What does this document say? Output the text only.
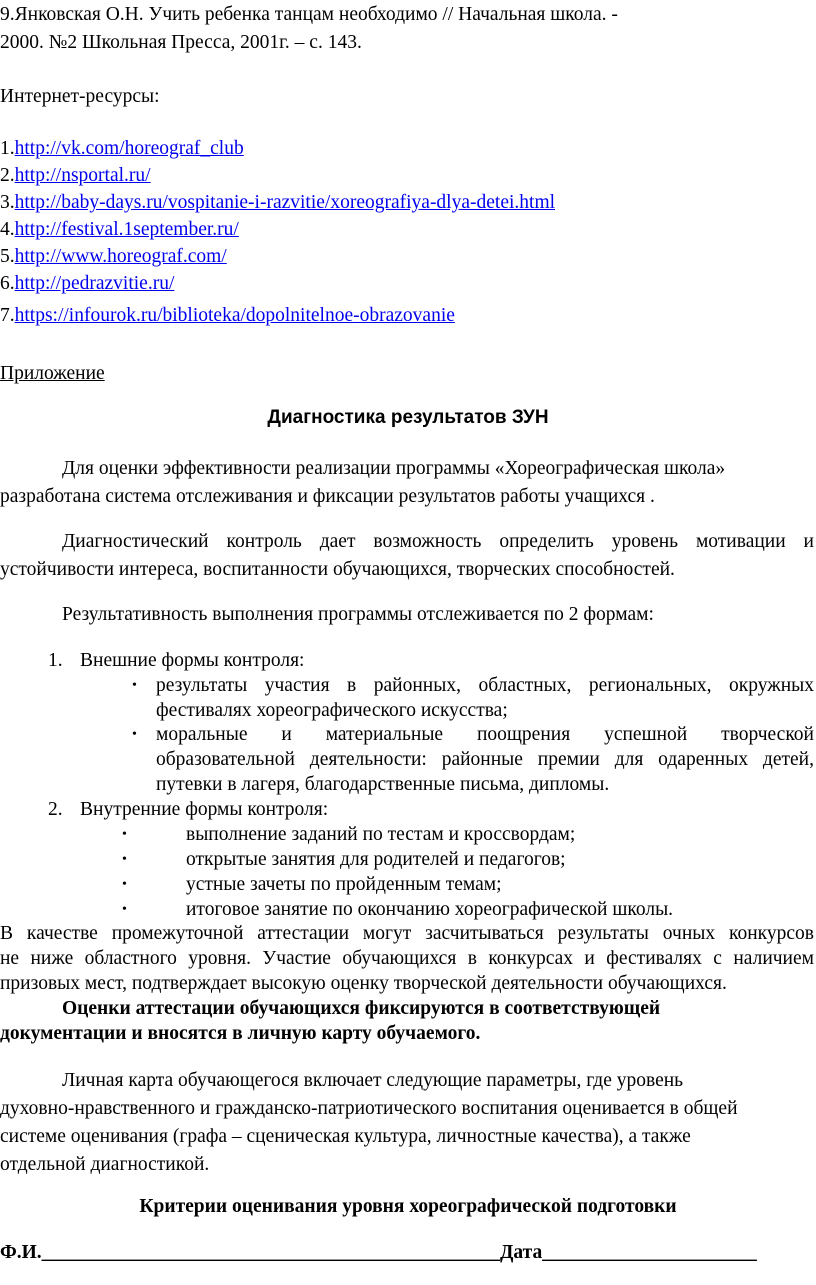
9.Янковская О.Н. Учить ребенка танцам необходимо // Начальная школа. -
2000. №2 Школьная Пресса, 2001г. – с. 143.
Интернет-ресурсы:
1.http://vk.com/horeograf_club
2.http://nsportal.ru/
3.http://baby-days.ru/vospitanie-i-razvitie/xoreografiya-dlya-detei.html
4.http://festival.1september.ru/
5.http://www.horeograf.com/
6.http://pedrazvitie.ru/
7.https://infourok.ru/biblioteka/dopolnitelnoe-obrazovanie
Приложение
Диагностика результатов ЗУН
Для оценки эффективности реализации программы «Хореографическая школа»
разработана система отслеживания и фиксации результатов работы учащихся .
Диагностический контроль дает возможность определить уровень мотивации и
устойчивости интереса, воспитанности обучающихся, творческих способностей.
Результативность выполнения программы отслеживается по 2 формам:
1. Внешние формы контроля:
• результаты участия в районных, областных, региональных, окружных
фестивалях хореографического искусства;
• моральные и материальные поощрения успешной творческой
образовательной деятельности: районные премии для одаренных детей,
путевки в лагеря, благодарственные письма, дипломы.
2. Внутренние формы контроля:
•	выполнение заданий по тестам и кроссвордам;
•	открытые занятия для родителей и педагогов;
•	устные зачеты по пройденным темам;
•	итоговое занятие по окончанию хореографической школы.
В качестве промежуточной аттестации могут засчитываться результаты очных конкурсов
не ниже областного уровня. Участие обучающихся в конкурсах и фестивалях с наличием
призовых мест, подтверждает высокую оценку творческой деятельности обучающихся.
Оценки аттестации обучающихся фиксируются в соответствующей
документации и вносятся в личную карту обучаемого.
Личная карта обучающегося включает следующие параметры, где уровень
духовно-нравственного и гражданско-патриотического воспитания оценивается в общей
системе оценивания (графа – сценическая культура, личностные качества), а также
отдельной диагностикой.
Критерии оценивания уровня хореографической подготовки
Ф.И._______________________________________________ Дата______________________
